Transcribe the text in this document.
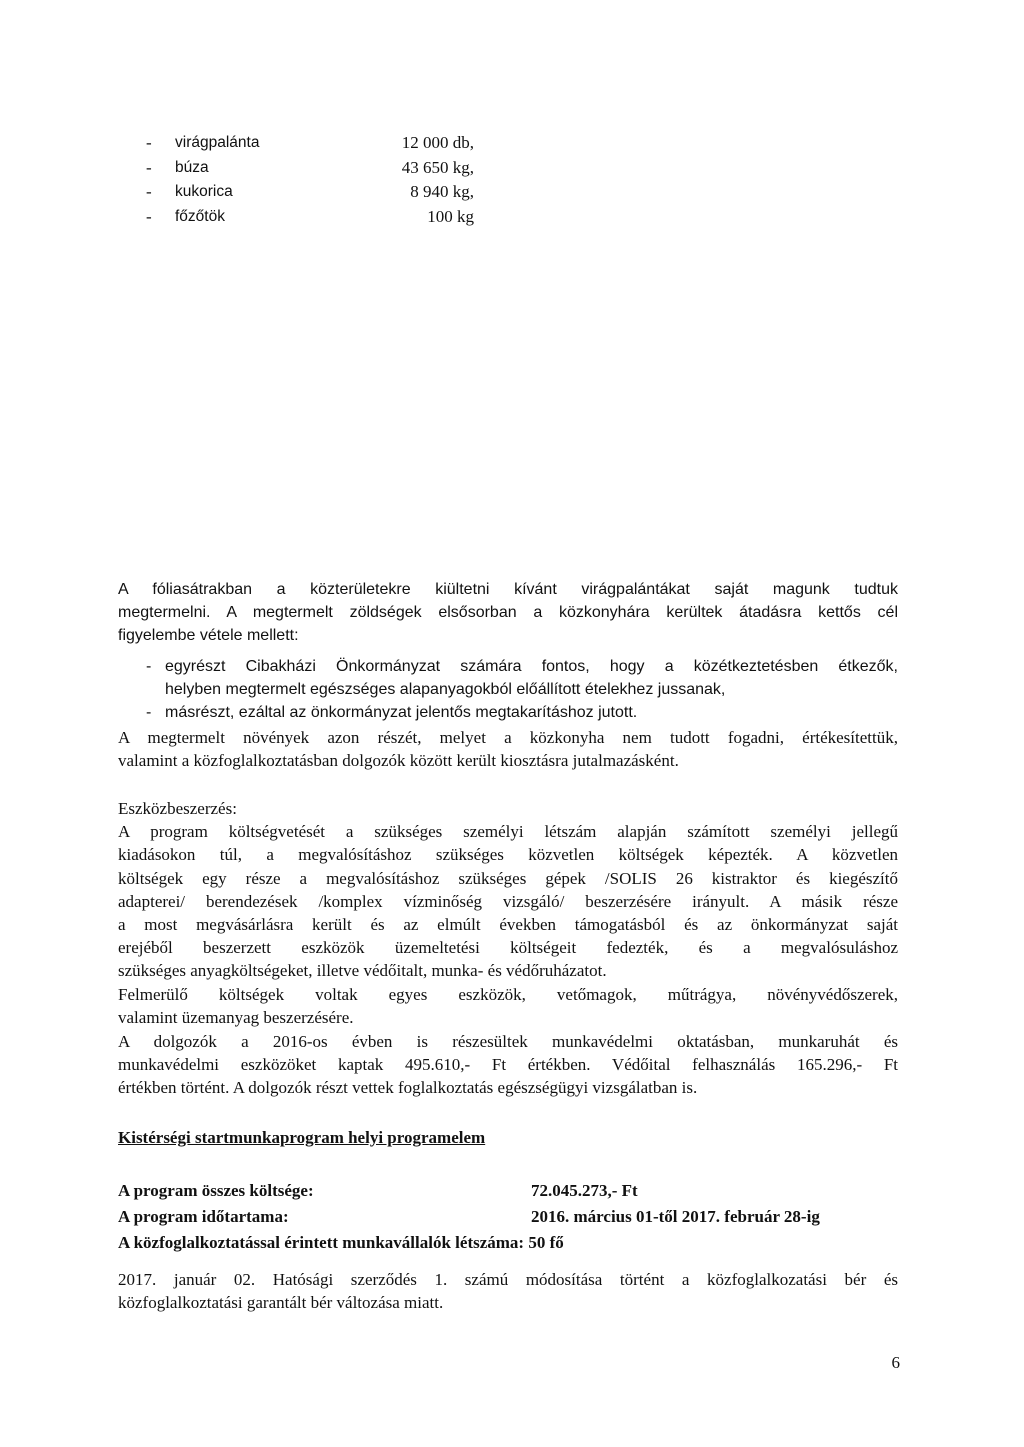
- virágpalánta	12 000 db,
- búza	43 650 kg,
- kukorica	8 940 kg,
- főzőtök	100 kg
A fóliasátrakban a közterületekre kiültetni kívánt virágpalántákat saját magunk tudtuk
megtermelni. A megtermelt zöldségek elsősorban a közkonyhára kerültek átadásra kettős cél
figyelembe vétele mellett:
- egyrészt Cibakházi Önkormányzat számára fontos, hogy a közétkeztetésben étkezők,
helyben megtermelt egészséges alapanyagokból előállított ételekhez jussanak,
- másrészt, ezáltal az önkormányzat jelentős megtakarításhoz jutott.
A megtermelt növények azon részét, melyet a közkonyha nem tudott fogadni, értékesítettük,
valamint a közfoglalkoztatásban dolgozók között került kiosztásra jutalmazásként.
Eszközbeszerzés:
A program költségvetését a szükséges személyi létszám alapján számított személyi jellegű
kiadásokon túl, a megvalósításhoz szükséges közvetlen költségek képezték. A közvetlen
költségek egy része a megvalósításhoz szükséges gépek /SOLIS 26 kistraktor és kiegészítő
adapterei/ berendezések /komplex vízminőség vizsgáló/ beszerzésére irányult. A másik része
a most megvásárlásra került és az elmúlt években támogatásból és az önkormányzat saját
erejéből beszerzett eszközök üzemeltetési költségeit fedezték, és a megvalósuláshoz
szükséges anyagköltségeket, illetve védőitalt, munka- és védőruházatot.
Felmerülő költségek voltak egyes eszközök, vetőmagok, műtrágya, növényvédőszerek,
valamint üzemanyag beszerzésére.
A dolgozók a 2016-os évben is részesültek munkavédelmi oktatásban, munkaruhát és
munkavédelmi eszközöket kaptak 495.610,- Ft értékben. Védőital felhasználás 165.296,- Ft
értékben történt. A dolgozók részt vettek foglalkoztatás egészségügyi vizsgálatban is.
Kistérségi startmunkaprogram helyi programelem
A program összes költsége:	72.045.273,- Ft
A program időtartama:	2016. március 01-től 2017. február 28-ig
A közfoglalkoztatással érintett munkavállalók létszáma: 50 fő
2017. január 02. Hatósági szerződés 1. számú módosítása történt a közfoglalkozatási bér és
közfoglalkoztatási garantált bér változása miatt.
6
